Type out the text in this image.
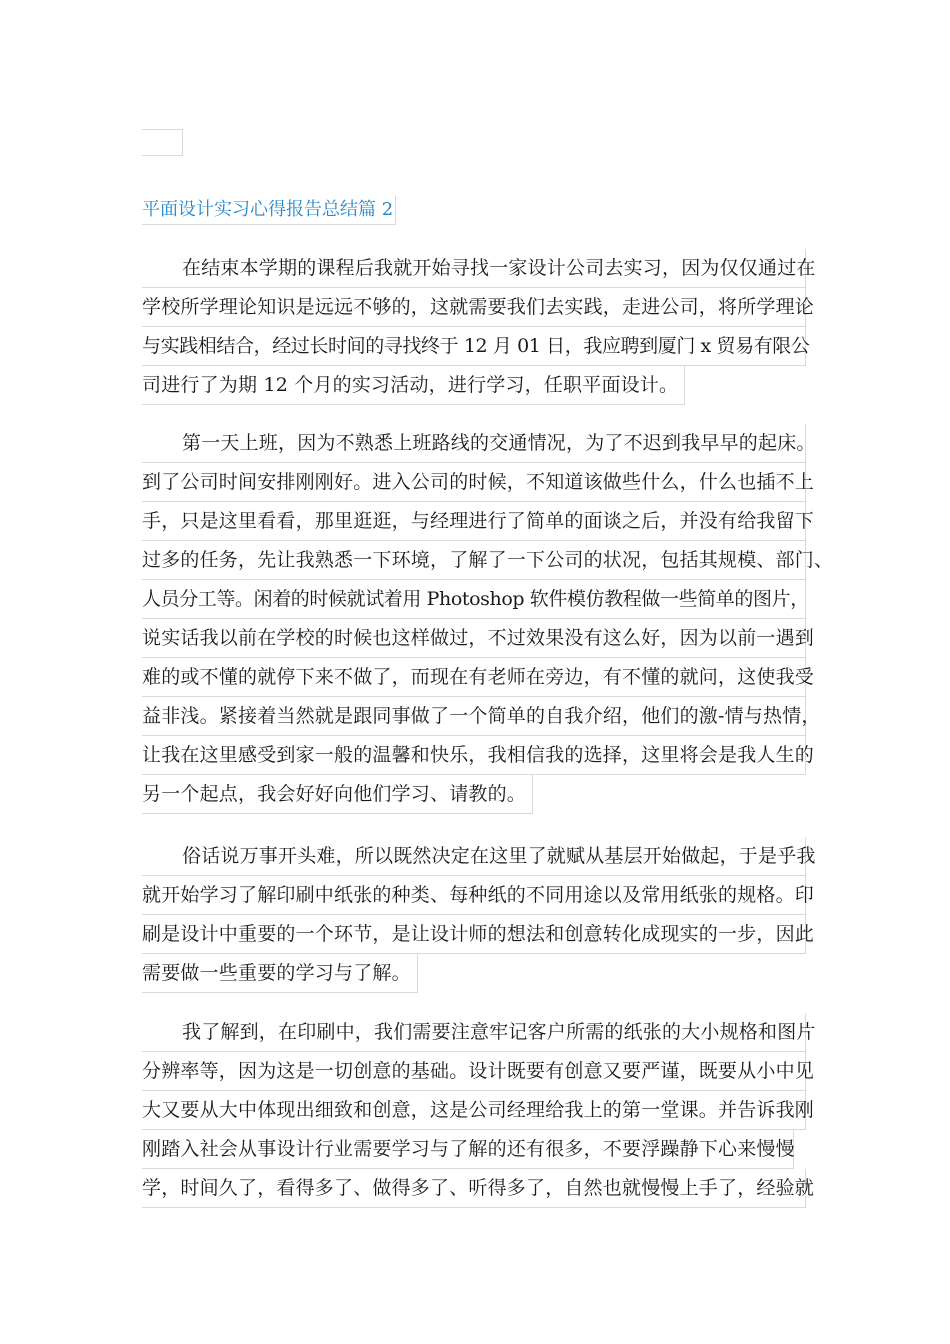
平面设计实习心得报告总结篇 2
在结束本学期的课程后我就开始寻找一家设计公司去实习，因为仅仅通过在
学校所学理论知识是远远不够的，这就需要我们去实践，走进公司，将所学理论
与实践相结合，经过长时间的寻找终于 12 月 01 日，我应聘到厦门 x 贸易有限公
司进行了为期 12 个月的实习活动，进行学习，任职平面设计。
第一天上班，因为不熟悉上班路线的交通情况，为了不迟到我早早的起床。
到了公司时间安排刚刚好。进入公司的时候，不知道该做些什么，什么也插不上
手，只是这里看看，那里逛逛，与经理进行了简单的面谈之后，并没有给我留下
过多的任务，先让我熟悉一下环境，了解了一下公司的状况，包括其规模、部门、
人员分工等。闲着的时候就试着用 Photoshop 软件模仿教程做一些简单的图片，
说实话我以前在学校的时候也这样做过，不过效果没有这么好，因为以前一遇到
难的或不懂的就停下来不做了，而现在有老师在旁边，有不懂的就问，这使我受
益非浅。紧接着当然就是跟同事做了一个简单的自我介绍，他们的激-情与热情，
让我在这里感受到家一般的温馨和快乐，我相信我的选择，这里将会是我人生的
另一个起点，我会好好向他们学习、请教的。
俗话说万事开头难，所以既然决定在这里了就赋从基层开始做起，于是乎我
就开始学习了解印刷中纸张的种类、每种纸的不同用途以及常用纸张的规格。印
刷是设计中重要的一个环节，是让设计师的想法和创意转化成现实的一步，因此
需要做一些重要的学习与了解。
我了解到，在印刷中，我们需要注意牢记客户所需的纸张的大小规格和图片
分辨率等，因为这是一切创意的基础。设计既要有创意又要严谨，既要从小中见
大又要从大中体现出细致和创意，这是公司经理给我上的第一堂课。并告诉我刚
刚踏入社会从事设计行业需要学习与了解的还有很多，不要浮躁静下心来慢慢
学，时间久了，看得多了、做得多了、听得多了，自然也就慢慢上手了，经验就
